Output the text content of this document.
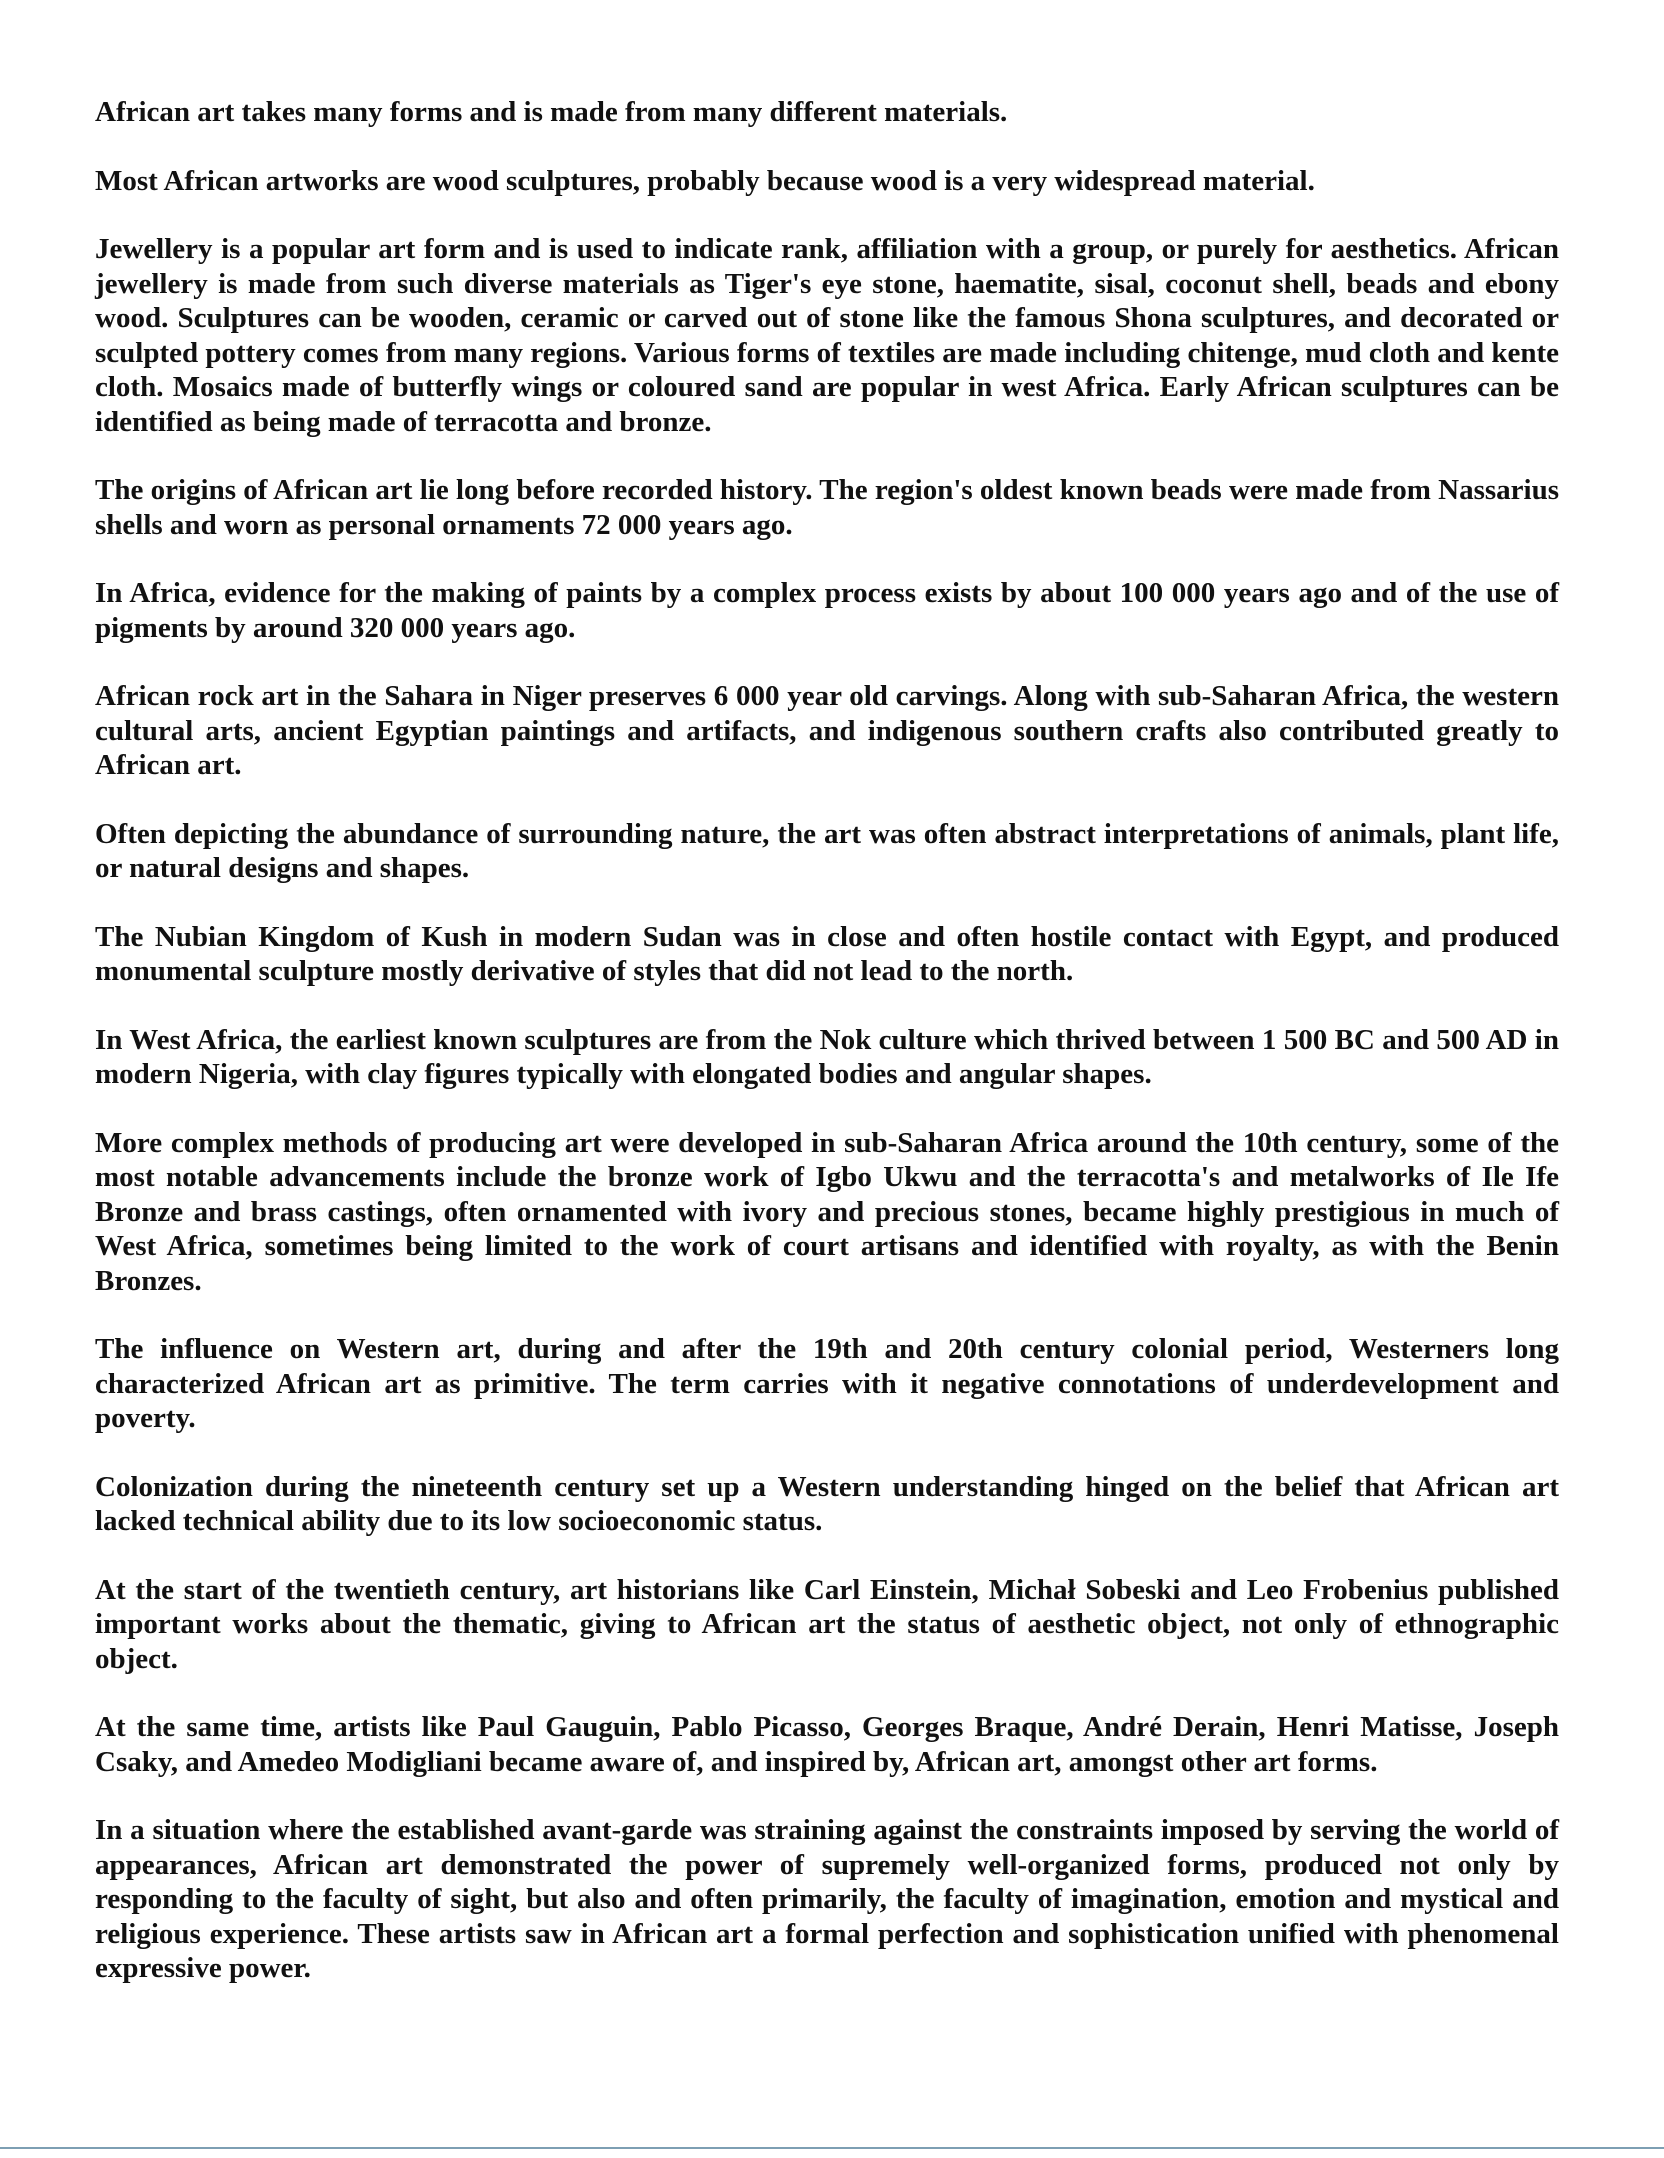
African art takes many forms and is made from many different materials.

Most African artworks are wood sculptures, probably because wood is a very widespread material.

Jewellery is a popular art form and is used to indicate rank, affiliation with a group, or purely for aesthetics. African jewellery is made from such diverse materials as Tiger's eye stone, haematite, sisal, coconut shell, beads and ebony wood. Sculptures can be wooden, ceramic or carved out of stone like the famous Shona sculptures, and decorated or sculpted pottery comes from many regions. Various forms of textiles are made including chitenge, mud cloth and kente cloth. Mosaics made of butterfly wings or coloured sand are popular in west Africa. Early African sculptures can be identified as being made of terracotta and bronze.

The origins of African art lie long before recorded history. The region's oldest known beads were made from Nassarius shells and worn as personal ornaments 72 000 years ago.

In Africa, evidence for the making of paints by a complex process exists by about 100 000 years ago and of the use of pigments by around 320 000 years ago.

African rock art in the Sahara in Niger preserves 6 000 year old carvings. Along with sub-Saharan Africa, the western cultural arts, ancient Egyptian paintings and artifacts, and indigenous southern crafts also contributed greatly to African art.

Often depicting the abundance of surrounding nature, the art was often abstract interpretations of animals, plant life, or natural designs and shapes.

The Nubian Kingdom of Kush in modern Sudan was in close and often hostile contact with Egypt, and produced monumental sculpture mostly derivative of styles that did not lead to the north.

In West Africa, the earliest known sculptures are from the Nok culture which thrived between 1 500 BC and 500 AD in modern Nigeria, with clay figures typically with elongated bodies and angular shapes.

More complex methods of producing art were developed in sub-Saharan Africa around the 10th century, some of the most notable advancements include the bronze work of Igbo Ukwu and the terracotta's and metalworks of Ile Ife Bronze and brass castings, often ornamented with ivory and precious stones, became highly prestigious in much of West Africa, sometimes being limited to the work of court artisans and identified with royalty, as with the Benin Bronzes.

The influence on Western art, during and after the 19th and 20th century colonial period, Westerners long characterized African art as primitive. The term carries with it negative connotations of underdevelopment and poverty.

Colonization during the nineteenth century set up a Western understanding hinged on the belief that African art lacked technical ability due to its low socioeconomic status.

At the start of the twentieth century, art historians like Carl Einstein, Michał Sobeski and Leo Frobenius published important works about the thematic, giving to African art the status of aesthetic object, not only of ethnographic object.

At the same time, artists like Paul Gauguin, Pablo Picasso, Georges Braque, André Derain, Henri Matisse, Joseph Csaky, and Amedeo Modigliani became aware of, and inspired by, African art, amongst other art forms.

In a situation where the established avant-garde was straining against the constraints imposed by serving the world of appearances, African art demonstrated the power of supremely well-organized forms, produced not only by responding to the faculty of sight, but also and often primarily, the faculty of imagination, emotion and mystical and religious experience. These artists saw in African art a formal perfection and sophistication unified with phenomenal expressive power.
